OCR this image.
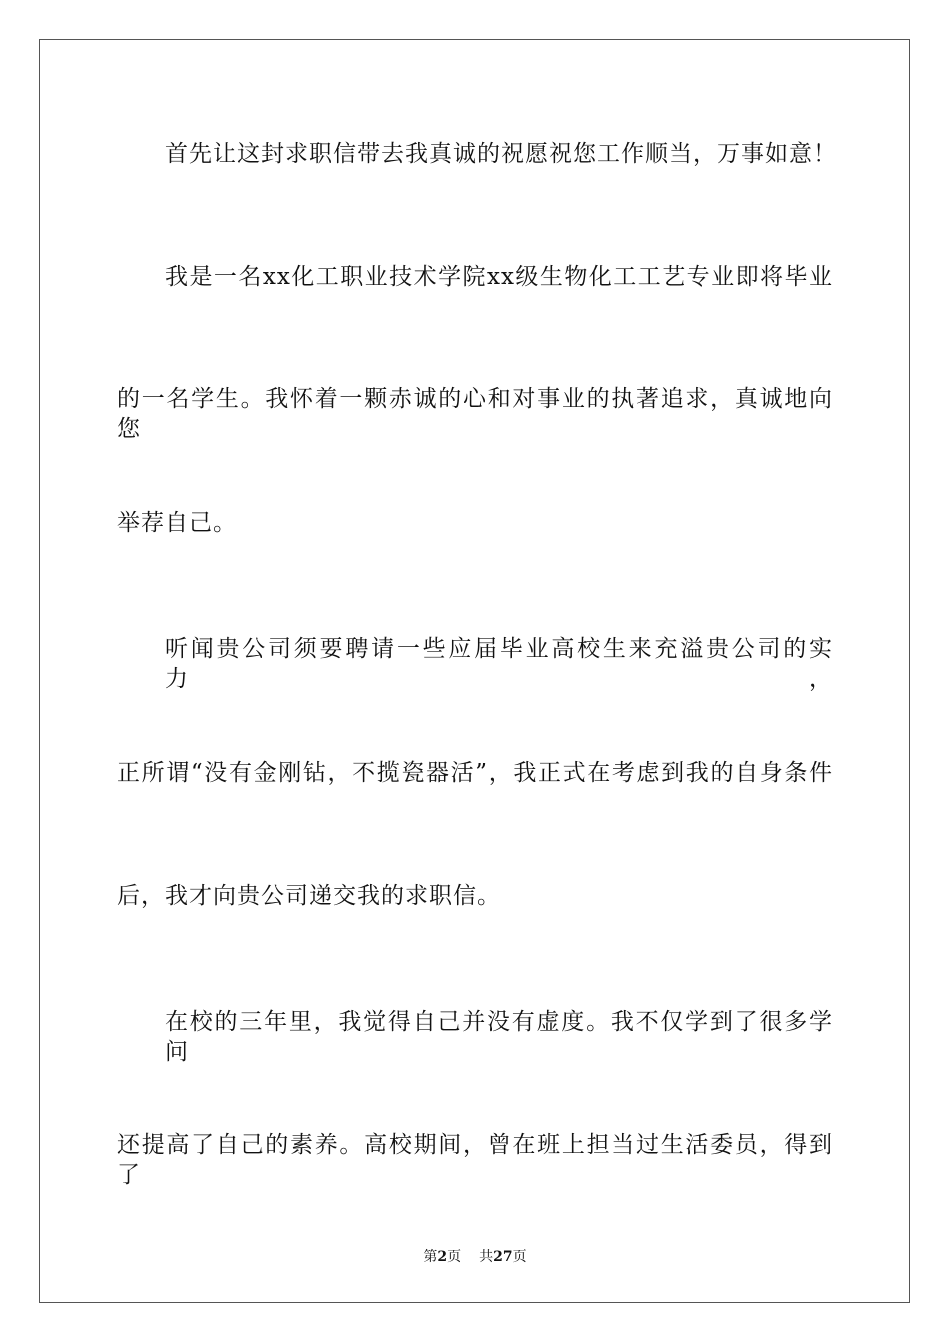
首先让这封求职信带去我真诚的祝愿祝您工作顺当，万事如意！
我是一名xx化工职业技术学院xx级生物化工工艺专业即将毕业
的一名学生。我怀着一颗赤诚的心和对事业的执著追求，真诚地向您
举荐自己。
听闻贵公司须要聘请一些应届毕业高校生来充溢贵公司的实力，
正所谓“没有金刚钻，不揽瓷器活”，我正式在考虑到我的自身条件
后，我才向贵公司递交我的求职信。
在校的三年里，我觉得自己并没有虚度。我不仅学到了很多学问
还提高了自己的素养。高校期间，曾在班上担当过生活委员，得到了
第2页 共27页
